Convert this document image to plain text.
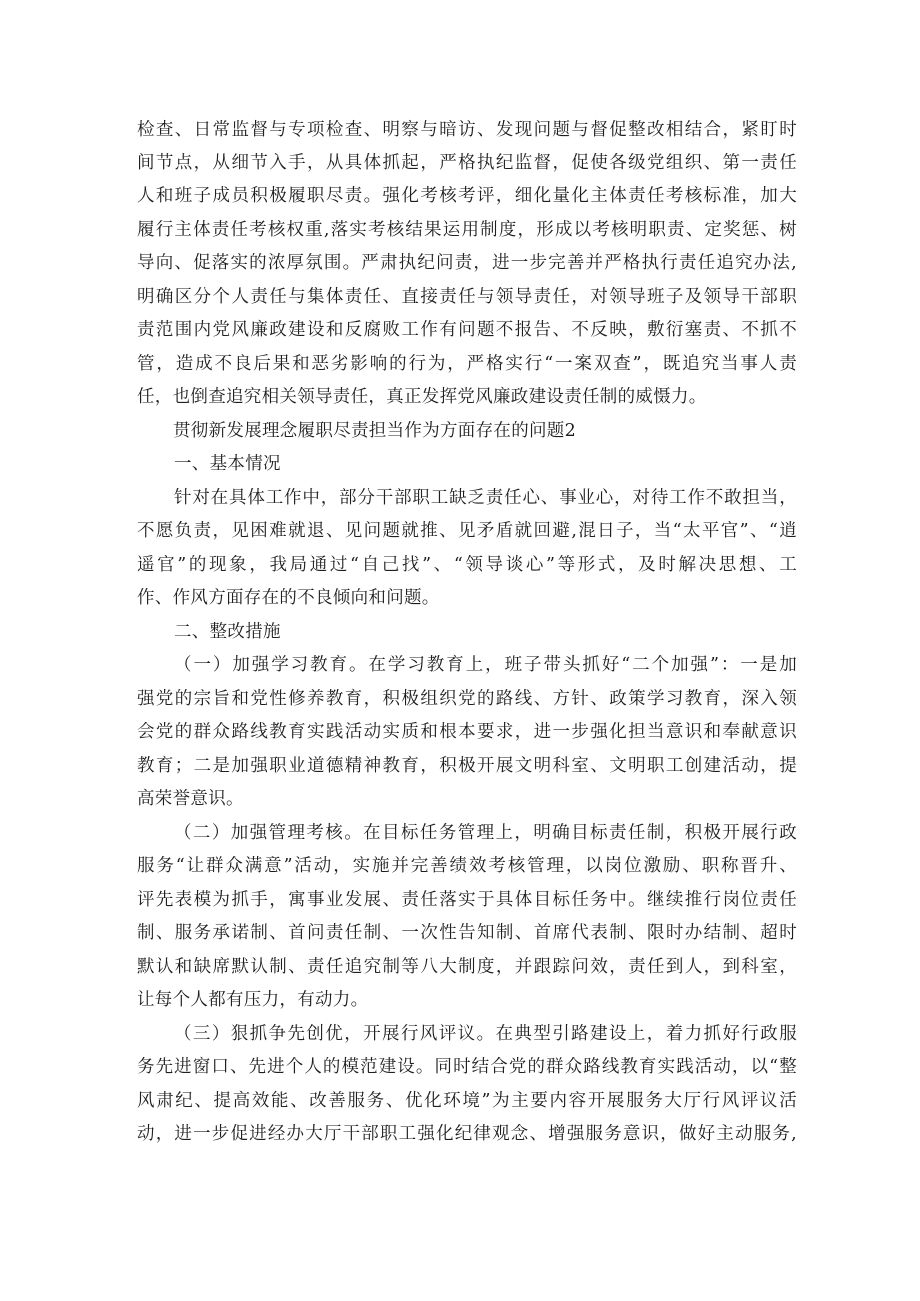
检查、日常监督与专项检查、明察与暗访、发现问题与督促整改相结合，紧盯时
间节点，从细节入手，从具体抓起，严格执纪监督，促使各级党组织、第一责任
人和班子成员积极履职尽责。强化考核考评，细化量化主体责任考核标准，加大
履行主体责任考核权重,落实考核结果运用制度，形成以考核明职责、定奖惩、树
导向、促落实的浓厚氛围。严肃执纪问责，进一步完善并严格执行责任追究办法,
明确区分个人责任与集体责任、直接责任与领导责任，对领导班子及领导干部职
责范围内党风廉政建设和反腐败工作有问题不报告、不反映，敷衍塞责、不抓不
管，造成不良后果和恶劣影响的行为，严格实行“一案双查”，既追究当事人责
任，也倒查追究相关领导责任，真正发挥党风廉政建设责任制的威慑力。
贯彻新发展理念履职尽责担当作为方面存在的问题2
一、基本情况
针对在具体工作中，部分干部职工缺乏责任心、事业心，对待工作不敢担当，
不愿负责，见困难就退、见问题就推、见矛盾就回避,混日子，当“太平官”、“逍
遥官”的现象，我局通过“自己找”、“领导谈心”等形式，及时解决思想、工
作、作风方面存在的不良倾向和问题。
二、整改措施
（一）加强学习教育。在学习教育上，班子带头抓好“二个加强”：一是加
强党的宗旨和党性修养教育，积极组织党的路线、方针、政策学习教育，深入领
会党的群众路线教育实践活动实质和根本要求，进一步强化担当意识和奉献意识
教育；二是加强职业道德精神教育，积极开展文明科室、文明职工创建活动，提
高荣誉意识。
（二）加强管理考核。在目标任务管理上，明确目标责任制，积极开展行政
服务“让群众满意”活动，实施并完善绩效考核管理，以岗位激励、职称晋升、
评先表模为抓手，寓事业发展、责任落实于具体目标任务中。继续推行岗位责任
制、服务承诺制、首问责任制、一次性告知制、首席代表制、限时办结制、超时
默认和缺席默认制、责任追究制等八大制度，并跟踪问效，责任到人，到科室，
让每个人都有压力，有动力。
（三）狠抓争先创优，开展行风评议。在典型引路建设上，着力抓好行政服
务先进窗口、先进个人的模范建设。同时结合党的群众路线教育实践活动，以“整
风肃纪、提高效能、改善服务、优化环境”为主要内容开展服务大厅行风评议活
动，进一步促进经办大厅干部职工强化纪律观念、增强服务意识，做好主动服务,
